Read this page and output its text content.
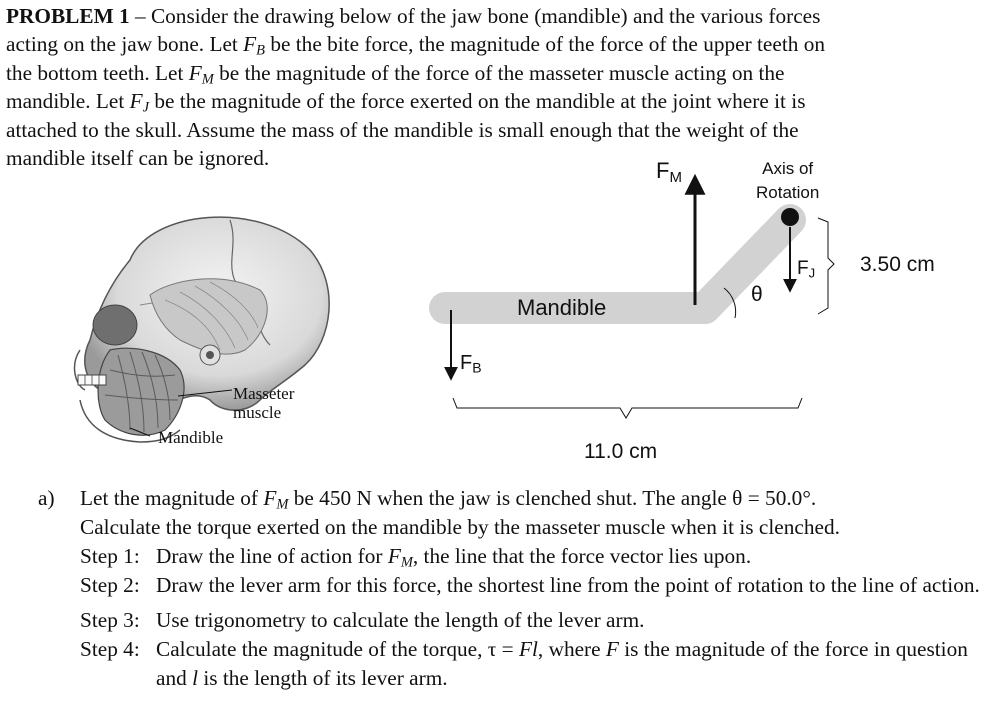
PROBLEM 1 – Consider the drawing below of the jaw bone (mandible) and the various forces
acting on the jaw bone. Let $F_B$ be the bite force, the magnitude of the force of the upper teeth on
the bottom teeth. Let $F_M$ be the magnitude of the force of the masseter muscle acting on the
mandible. Let $F_J$ be the magnitude of the force exerted on the mandible at the joint where it is
attached to the skull. Assume the mass of the mandible is small enough that the weight of the
mandible itself can be ignored.
Masseter
muscle
Mandible
$F_M$	Axis of
Rotation
Mandible
θ
$F_J$
$F_B$
3.50 cm
11.0 cm
a) Let the magnitude of $F_M$ be 450 N when the jaw is clenched shut. The angle θ = 50.0°.
Calculate the torque exerted on the mandible by the masseter muscle when it is clenched.
Step 1: Draw the line of action for $F_M$, the line that the force vector lies upon.
Step 2: Draw the lever arm for this force, the shortest line from the point of rotation to the line of action.
Step 3: Use trigonometry to calculate the length of the lever arm.
Step 4: Calculate the magnitude of the torque, τ = Fl, where F is the magnitude of the force in question and l is the length of its lever arm.
